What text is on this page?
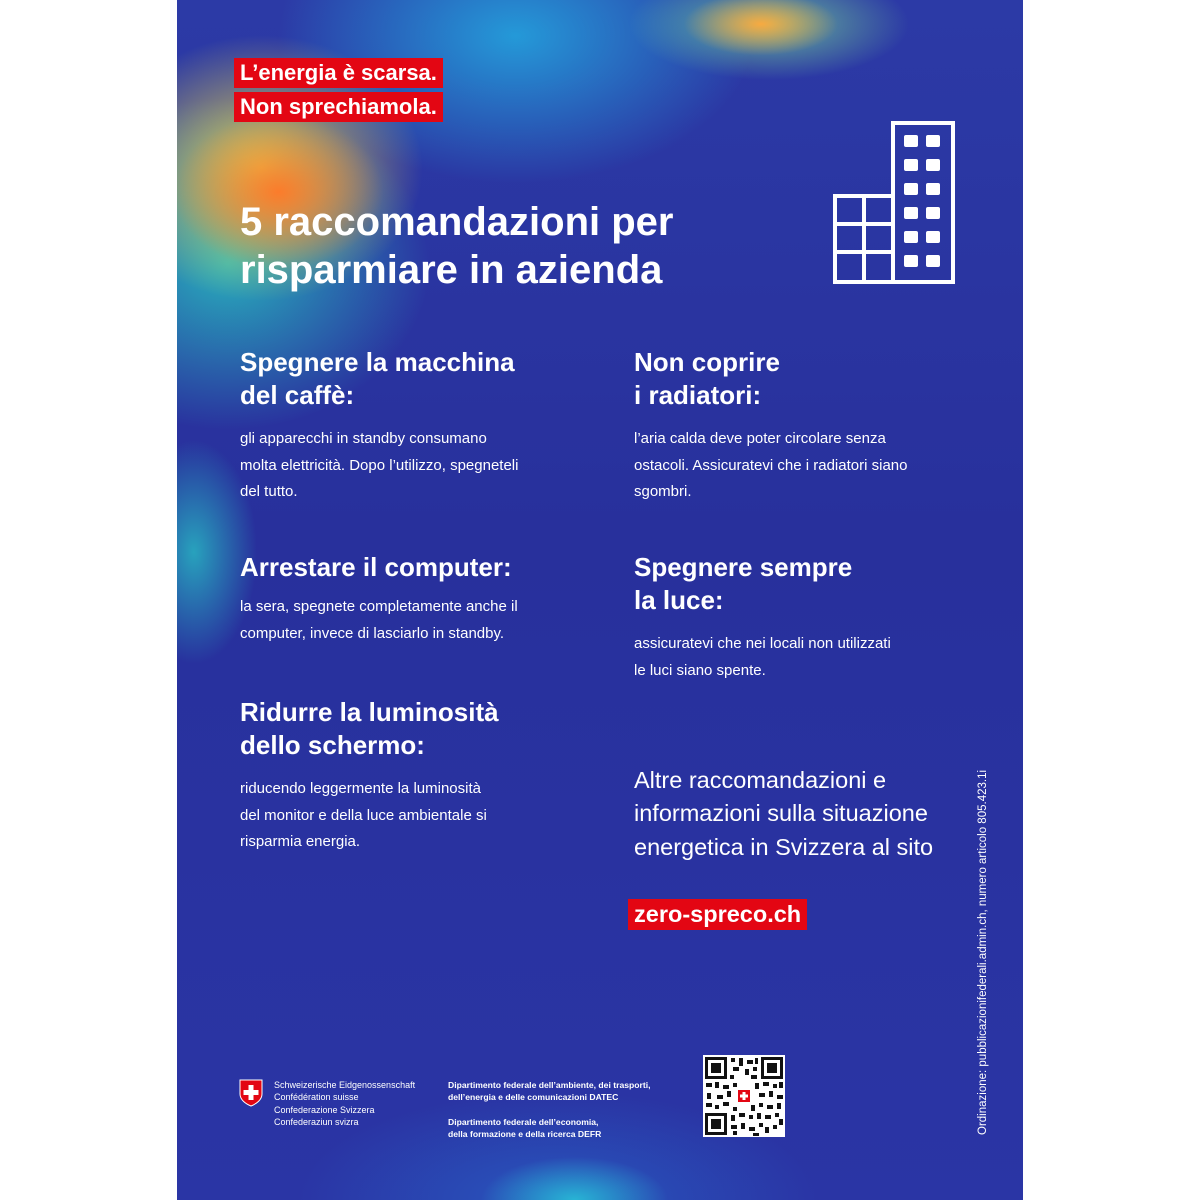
L’energia è scarsa.
Non sprechiamola.
5 raccomandazioni per risparmiare in azienda
Spegnere la macchina
del caffè:

gli apparecchi in standby consumano
molta elettricità. Dopo l’utilizzo, spegneteli
del tutto.

Non coprire
i radiatori:

l’aria calda deve poter circolare senza
ostacoli. Assicuratevi che i radiatori siano
sgombri.

Arrestare il computer:

la sera, spegnete completamente anche il
computer, invece di lasciarlo in standby.

Spegnere sempre
la luce:

assicuratevi che nei locali non utilizzati
le luci siano spente.

Ridurre la luminosità
dello schermo:

riducendo leggermente la luminosità
del monitor e della luce ambientale si
risparmia energia.

Altre raccomandazioni e
informazioni sulla situazione
energetica in Svizzera al sito

zero-spreco.ch	Ordinazione: pubblicazionifederali.admin.ch, numero articolo 805.423.1i
Schweizerische Eidgenossenschaft
Confédération suisse
Confederazione Svizzera
Confederaziun svizra
Dipartimento federale dell’ambiente, dei trasporti,
dell’energia e delle comunicazioni DATEC
Dipartimento federale dell’economia,
della formazione e della ricerca DEFR
